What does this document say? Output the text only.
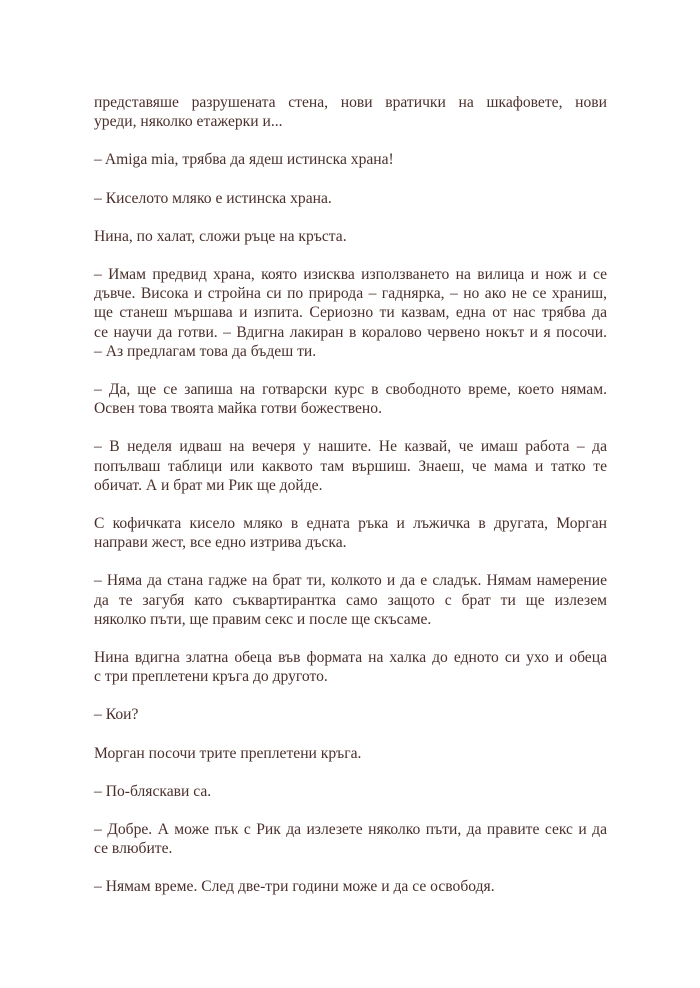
представяше разрушената стена, нови вратички на шкафовете, нови
уреди, няколко етажерки и...
– Amiga mia, трябва да ядеш истинска храна!
– Киселото мляко е истинска храна.
Нина, по халат, сложи ръце на кръста.
– Имам предвид храна, която изисква използването на вилица и нож и се
дъвче. Висока и стройна си по природа – гаднярка, – но ако не се храниш,
ще станеш мършава и изпита. Сериозно ти казвам, една от нас трябва да
се научи да готви. – Вдигна лакиран в коралово червено нокът и я посочи.
– Аз предлагам това да бъдеш ти.
– Да, ще се запиша на готварски курс в свободното време, което нямам.
Освен това твоята майка готви божествено.
– В неделя идваш на вечеря у нашите. Не казвай, че имаш работа – да
попълваш таблици или каквото там вършиш. Знаеш, че мама и татко те
обичат. А и брат ми Рик ще дойде.
С кофичката кисело мляко в едната ръка и лъжичка в другата, Морган
направи жест, все едно изтрива дъска.
– Няма да стана гадже на брат ти, колкото и да е сладък. Нямам намерение
да те загубя като съквартирантка само защото с брат ти ще излезем
няколко пъти, ще правим секс и после ще скъсаме.
Нина вдигна златна обеца във формата на халка до едното си ухо и обеца
с три преплетени кръга до другото.
– Кои?
Морган посочи трите преплетени кръга.
– По-бляскави са.
– Добре. А може пък с Рик да излезете няколко пъти, да правите секс и да
се влюбите.
– Нямам време. След две-три години може и да се освободя.
